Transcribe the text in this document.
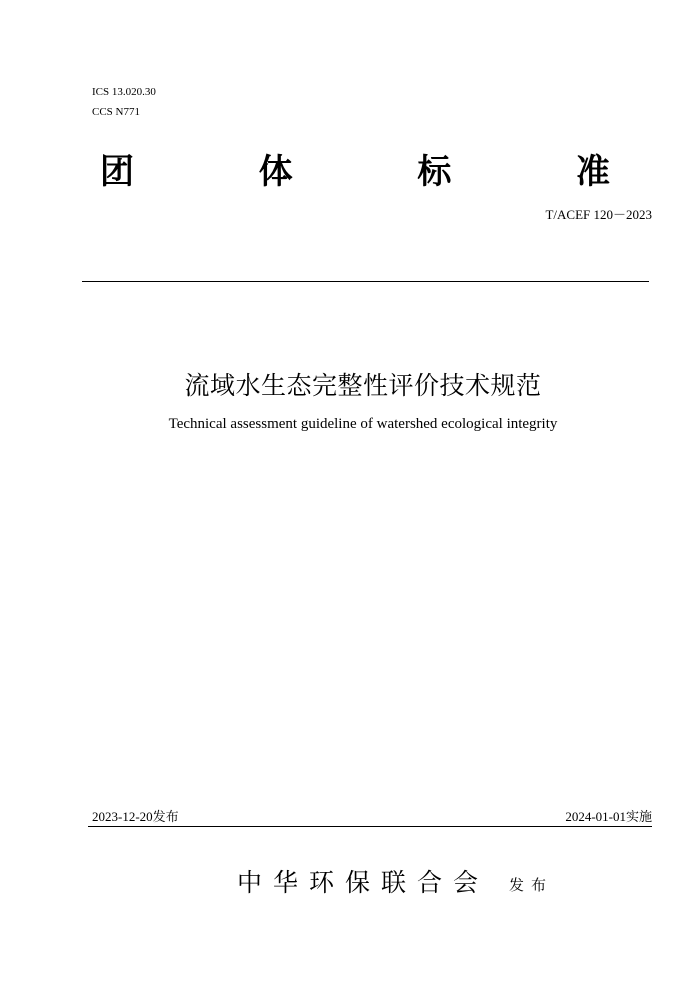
ICS 13.020.30
CCS N771
团	体	标	准
T/ACEF 120－2023
流域水生态完整性评价技术规范
Technical assessment guideline of watershed ecological integrity
2023-12-20发布	2024-01-01实施
中华环保联合会 发布
